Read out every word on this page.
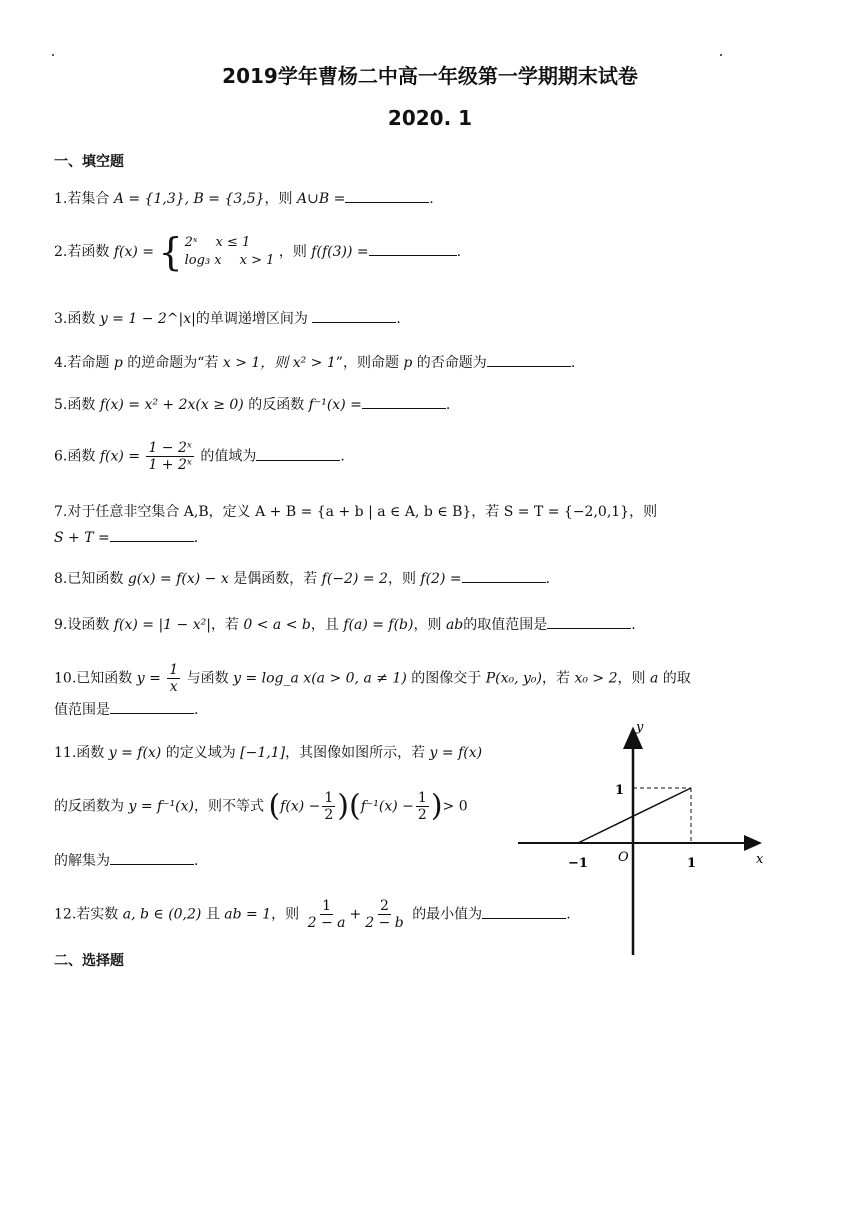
2019学年曹杨二中高一年级第一学期期末试卷
2020. 1
一、填空题
1.若集合 A = {1,3}, B = {3,5}，则 A∪B =	.
2.若函数 f(x) = { 2ˣ x ≤ 1
log₃ x x > 1
，则 f(f(3)) =	.
3.函数 y = 1 − 2^|x|的单调递增区间为	.
4.若命题 p 的逆命题为“若 x > 1，则 x² > 1”，则命题 p 的否命题为	.
5.函数 f(x) = x² + 2x(x ≥ 0) 的反函数 f⁻¹(x) =	.
6.函数 $f(x) = \frac{\text{1 − 2ˣ}}{\text{1 + 2ˣ}}$ 的值域为	.
7.对于任意非空集合 A,B，定义 A + B = {a + b | a ∈ A, b ∈ B}，若 S = T = {−2,0,1}，则
S + T =	.
8.已知函数 g(x) = f(x) − x 是偶函数，若 f(−2) = 2，则 f(2) =	.
9.设函数 f(x) = |1 − x²|，若 0 < a < b，且 f(a) = f(b)，则 ab的取值范围是	.
10.已知函数 $y = \frac{1}{x}$ 与函数 y = log_a x(a > 0, a ≠ 1) 的图像交于 P(x₀, y₀)，若 x₀ > 2，则 a 的取
值范围是	.
11.函数 y = f(x) 的定义域为 [−1,1]，其图像如图所示，若 y = f(x)
的反函数为 y = f⁻¹(x)，则不等式 $(f(x) - \frac{1}{2} )(f^{-1}(x) - \frac{1}{2}$ )> 0
的解集为	.
12.若实数 a, b ∈ (0,2) 且 ab = 1，则 $\frac{1}{2 - a} + \frac{2}{2 - b}$ 的最小值为	.
二、选择题
y
x
O
−1	1
1
